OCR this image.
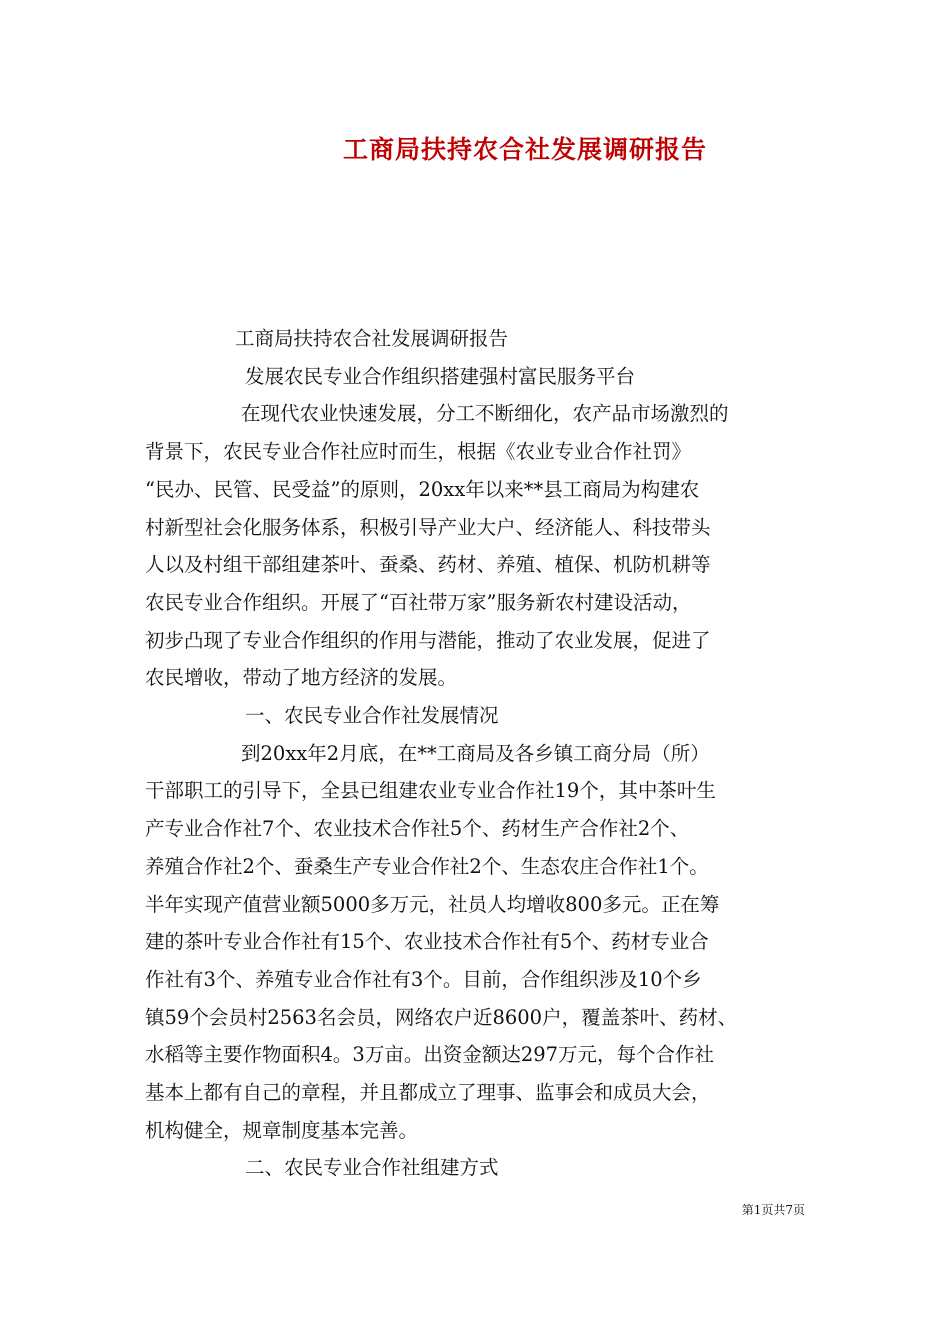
工商局扶持农合社发展调研报告
工商局扶持农合社发展调研报告
发展农民专业合作组织搭建强村富民服务平台
在现代农业快速发展，分工不断细化，农产品市场激烈的
背景下，农民专业合作社应时而生，根据《农业专业合作社罚》
“民办、民管、民受益”的原则，20xx年以来**县工商局为构建农
村新型社会化服务体系，积极引导产业大户、经济能人、科技带头
人以及村组干部组建茶叶、蚕桑、药材、养殖、植保、机防机耕等
农民专业合作组织。开展了“百社带万家”服务新农村建设活动，
初步凸现了专业合作组织的作用与潜能，推动了农业发展，促进了
农民增收，带动了地方经济的发展。
一、农民专业合作社发展情况
到20xx年2月底，在**工商局及各乡镇工商分局（所）
干部职工的引导下，全县已组建农业专业合作社19个，其中茶叶生
产专业合作社7个、农业技术合作社5个、药材生产合作社2个、
养殖合作社2个、蚕桑生产专业合作社2个、生态农庄合作社1个。
半年实现产值营业额5000多万元，社员人均增收800多元。正在筹
建的茶叶专业合作社有15个、农业技术合作社有5个、药材专业合
作社有3个、养殖专业合作社有3个。目前，合作组织涉及10个乡
镇59个会员村2563名会员，网络农户近8600户，覆盖茶叶、药材、
水稻等主要作物面积4。3万亩。出资金额达297万元，每个合作社
基本上都有自己的章程，并且都成立了理事、监事会和成员大会，
机构健全，规章制度基本完善。
二、农民专业合作社组建方式
第1页共7页
